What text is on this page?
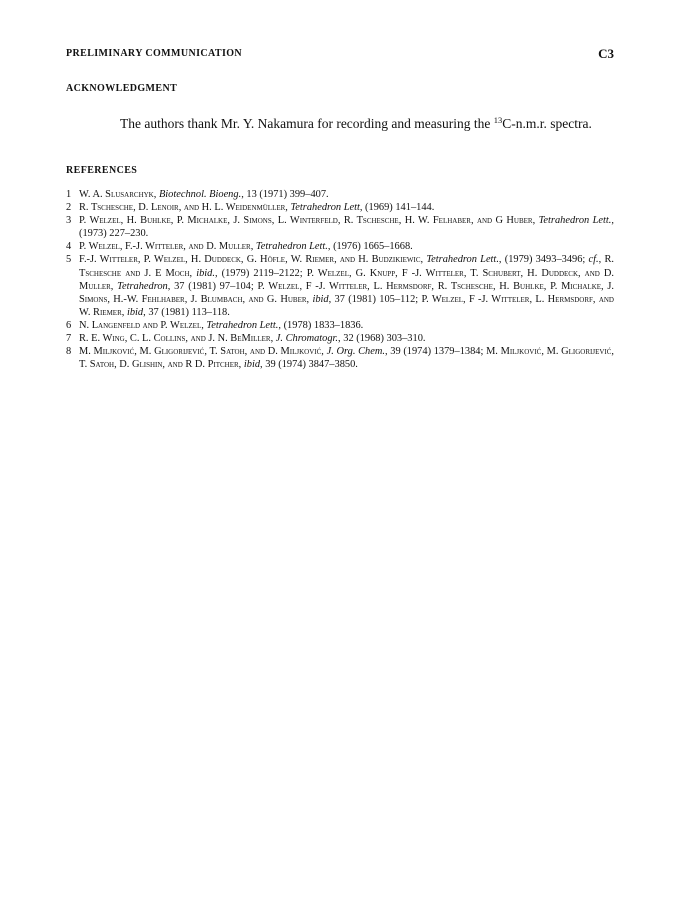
PRELIMINARY COMMUNICATION	C3
ACKNOWLEDGMENT

The authors thank Mr. Y. Nakamura for recording and measuring the $^{13}$C-n.m.r. spectra.

REFERENCES
1 W. A. Slusarchyk, Biotechnol. Bioeng., 13 (1971) 399–407.
2 R. Tschesche, D. Lenoir, and H. L. Weidenmüller, Tetrahedron Lett, (1969) 141–144.
3 P. Welzel, H. Buhlke, P. Michalke, J. Simons, L. Winterfeld, R. Tschesche, H. W. Felhaber, and G Huber, Tetrahedron Lett., (1973) 227–230.
4 P. Welzel, F.-J. Witteler, and D. Muller, Tetrahedron Lett., (1976) 1665–1668.
5 F.-J. Witteler, P. Welzel, H. Duddeck, G. Höfle, W. Riemer, and H. Budzikiewic, Tetrahedron Lett., (1979) 3493–3496; cf., R. Tschesche and J. E Moch, ibid., (1979) 2119–2122; P. Welzel, G. Knupp, F -J. Witteler, T. Schubert, H. Duddeck, and D. Muller, Tetrahedron, 37 (1981) 97–104; P. Welzel, F -J. Witteler, L. Hermsdorf, R. Tschesche, H. Buhlke, P. Michalke, J. Simons, H.-W. Fehlhaber, J. Blumbach, and G. Huber, ibid, 37 (1981) 105–112; P. Welzel, F -J. Witteler, L. Hermsdorf, and W. Riemer, ibid, 37 (1981) 113–118.
6 N. Langenfeld and P. Welzel, Tetrahedron Lett., (1978) 1833–1836.
7 R. E. Wing, C. L. Collins, and J. N. BeMiller, J. Chromatogr., 32 (1968) 303–310.
8 M. Miljković, M. Gligorijević, T. Satoh, and D. Miljković, J. Org. Chem., 39 (1974) 1379–1384; M. Miljković, M. Gligorijević, T. Satoh, D. Glishin, and R D. Pitcher, ibid, 39 (1974) 3847–3850.
